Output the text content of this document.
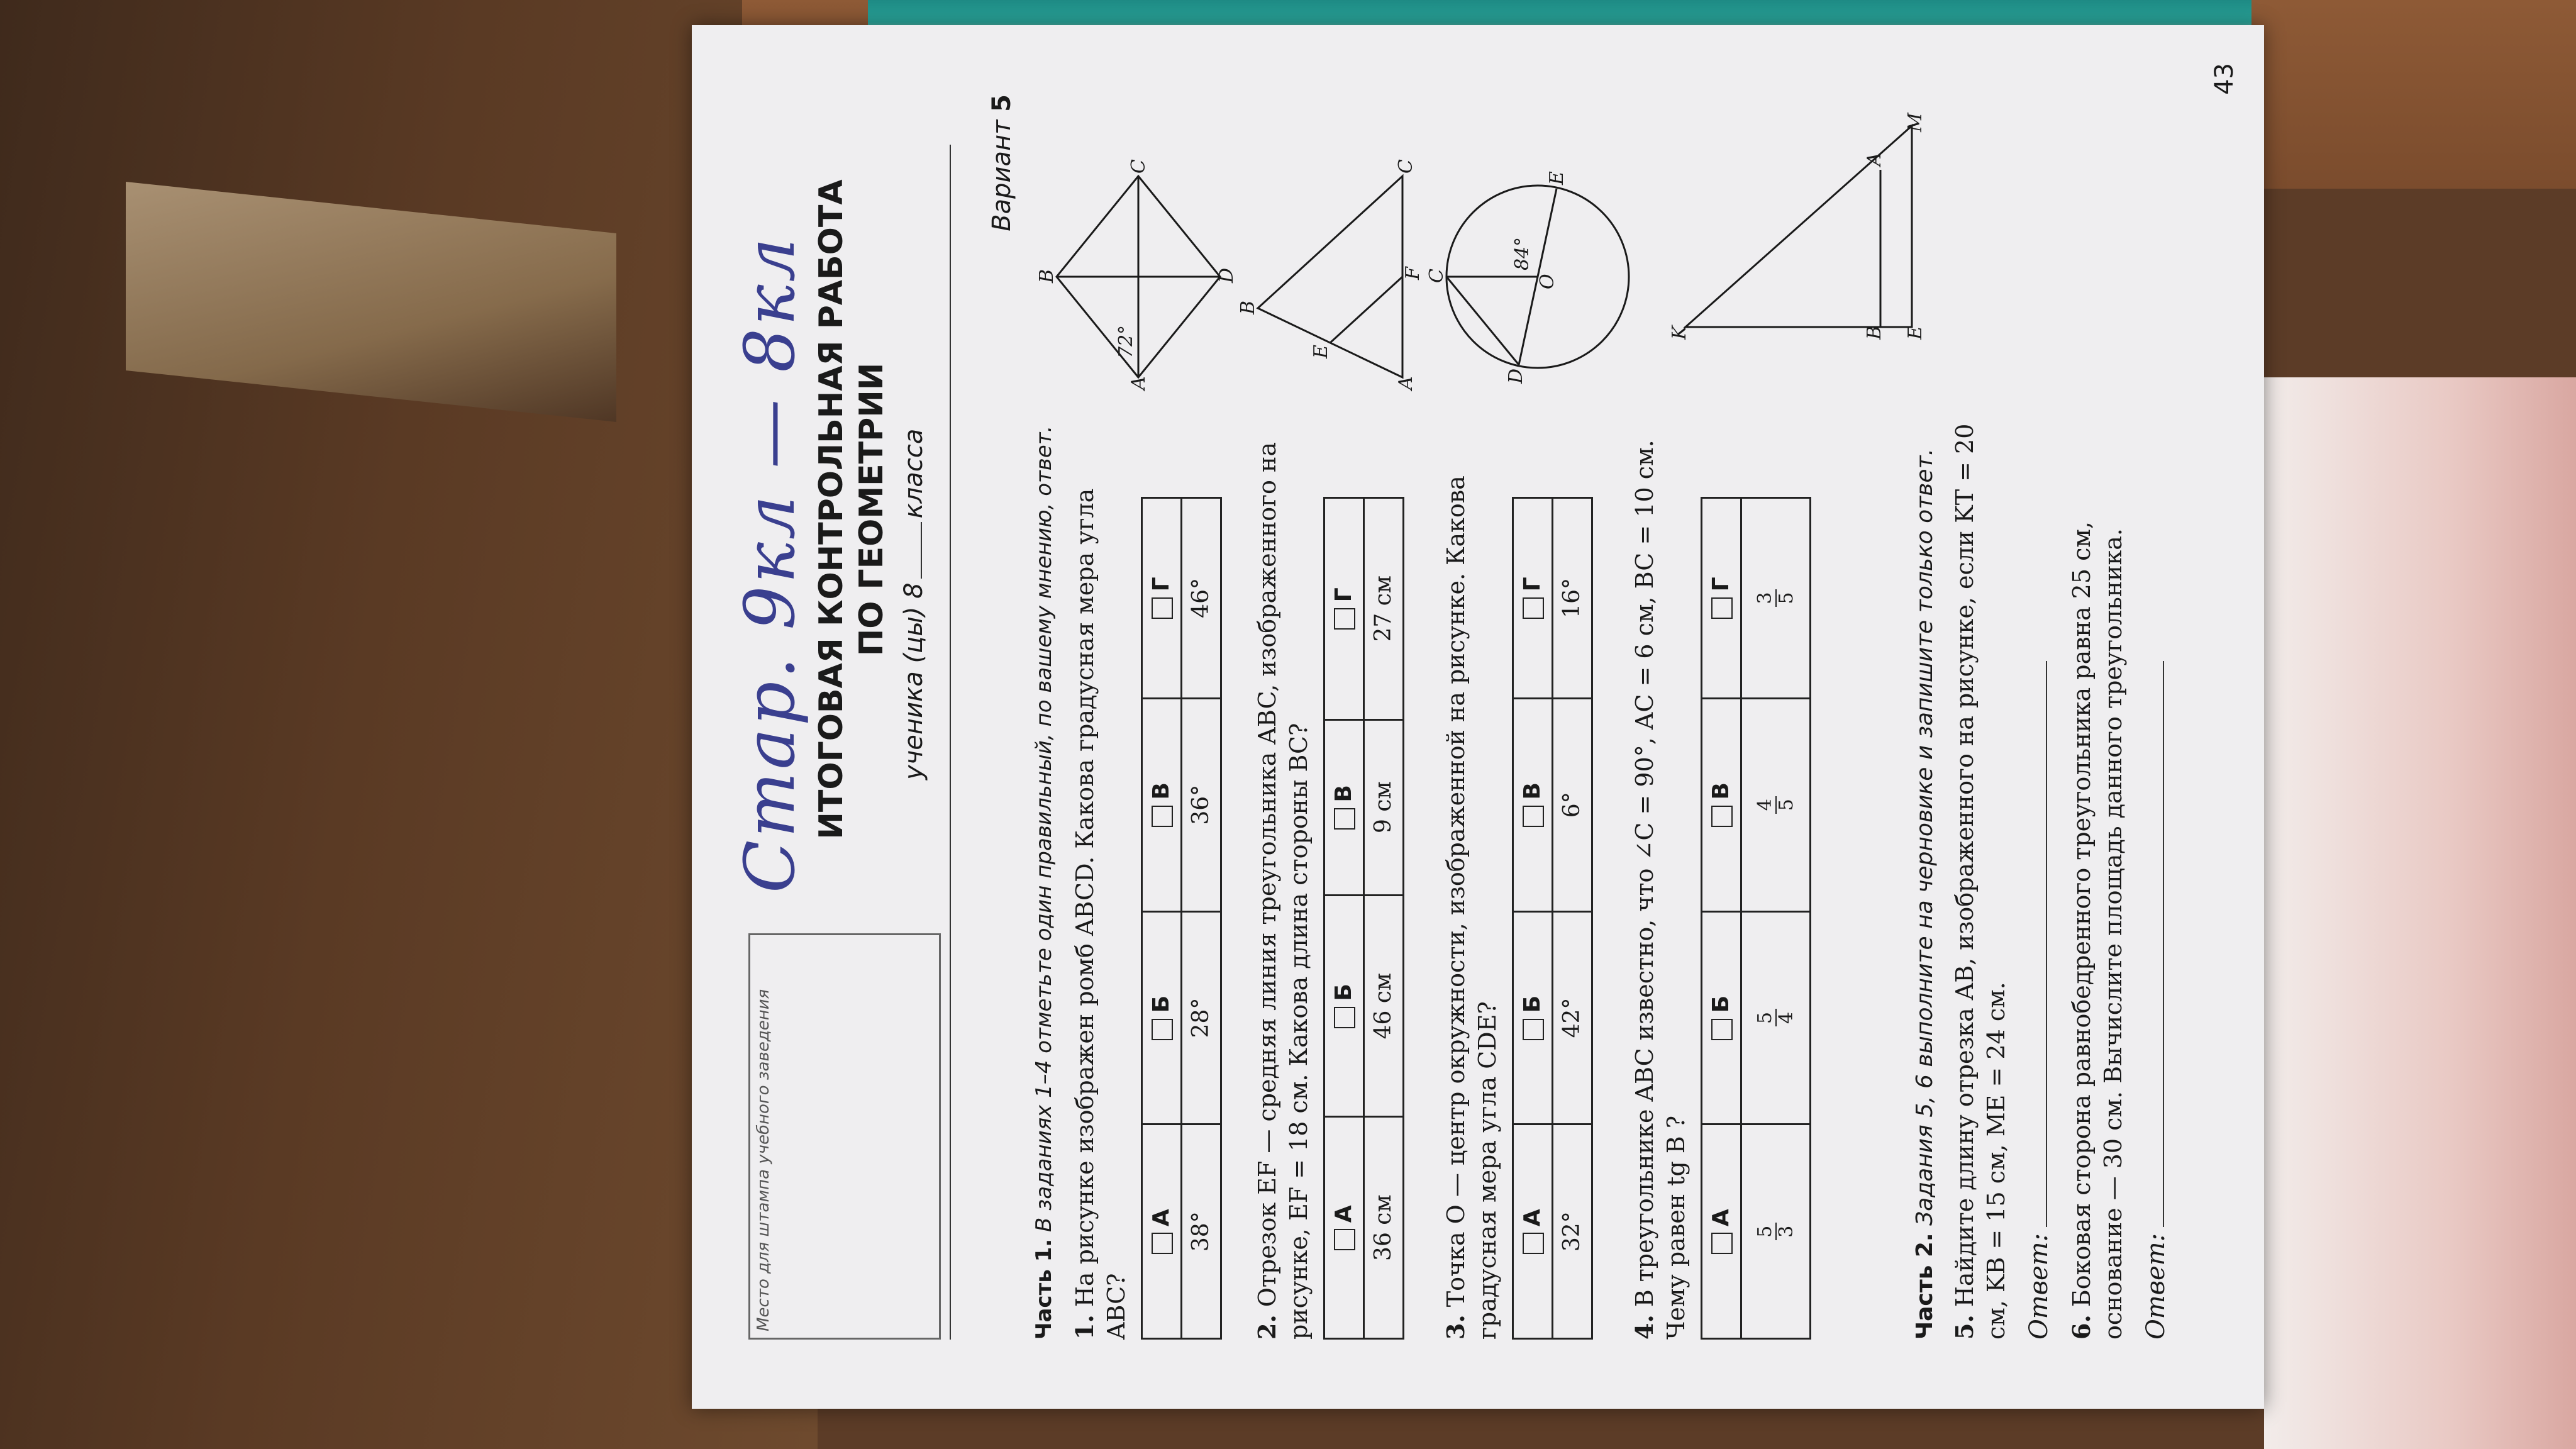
Место для штампа учебного заведения
Стар. 9кл — 8кл ИТОГОВАЯ КОНТРОЛЬНАЯ РАБОТА ПО ГЕОМЕТРИИ
ученика (цы) 8класса
Вариант 5
Часть 1. В заданиях 1–4 отметьте один правильный, по вашему мнению, ответ.
1. На рисунке изображен ромб ABCD. Какова градусная мера угла ABC?
А	Б	В	Г
38°	28°	36°	46°
2. Отрезок EF — средняя линия треугольника ABC, изображенного на рисунке, EF = 18 см. Какова длина стороны BC? А	Б	В	Г
36 см	46 см	9 см	27 см
3. Точка O — центр окружности, изображенной на рисунке. Какова градусная мера угла CDE? А	Б	В	Г
32°	42°	6°	16°
4. В треугольнике ABC известно, что ∠C = 90°, AC = 6 см, BC = 10 см. Чему равен tg B ? А	Б	В	Г

5 3	5 4	4 5	3 5
A
B
C
D
72°
A
B
C
E
F C
D
E
O
84°
K	B E
A
M
Часть 2. Задания 5, 6 выполните на черновике и запишите только ответ.
5. Найдите длину отрезка AB, изображенного на рисунке, если KT = 20 см, KB = 15 см, ME = 24 см. Ответ: 6. Боковая сторона равнобедренного треугольника равна 25 см, основание — 30 см. Вычислите площадь данного треугольника. Ответ:
43
